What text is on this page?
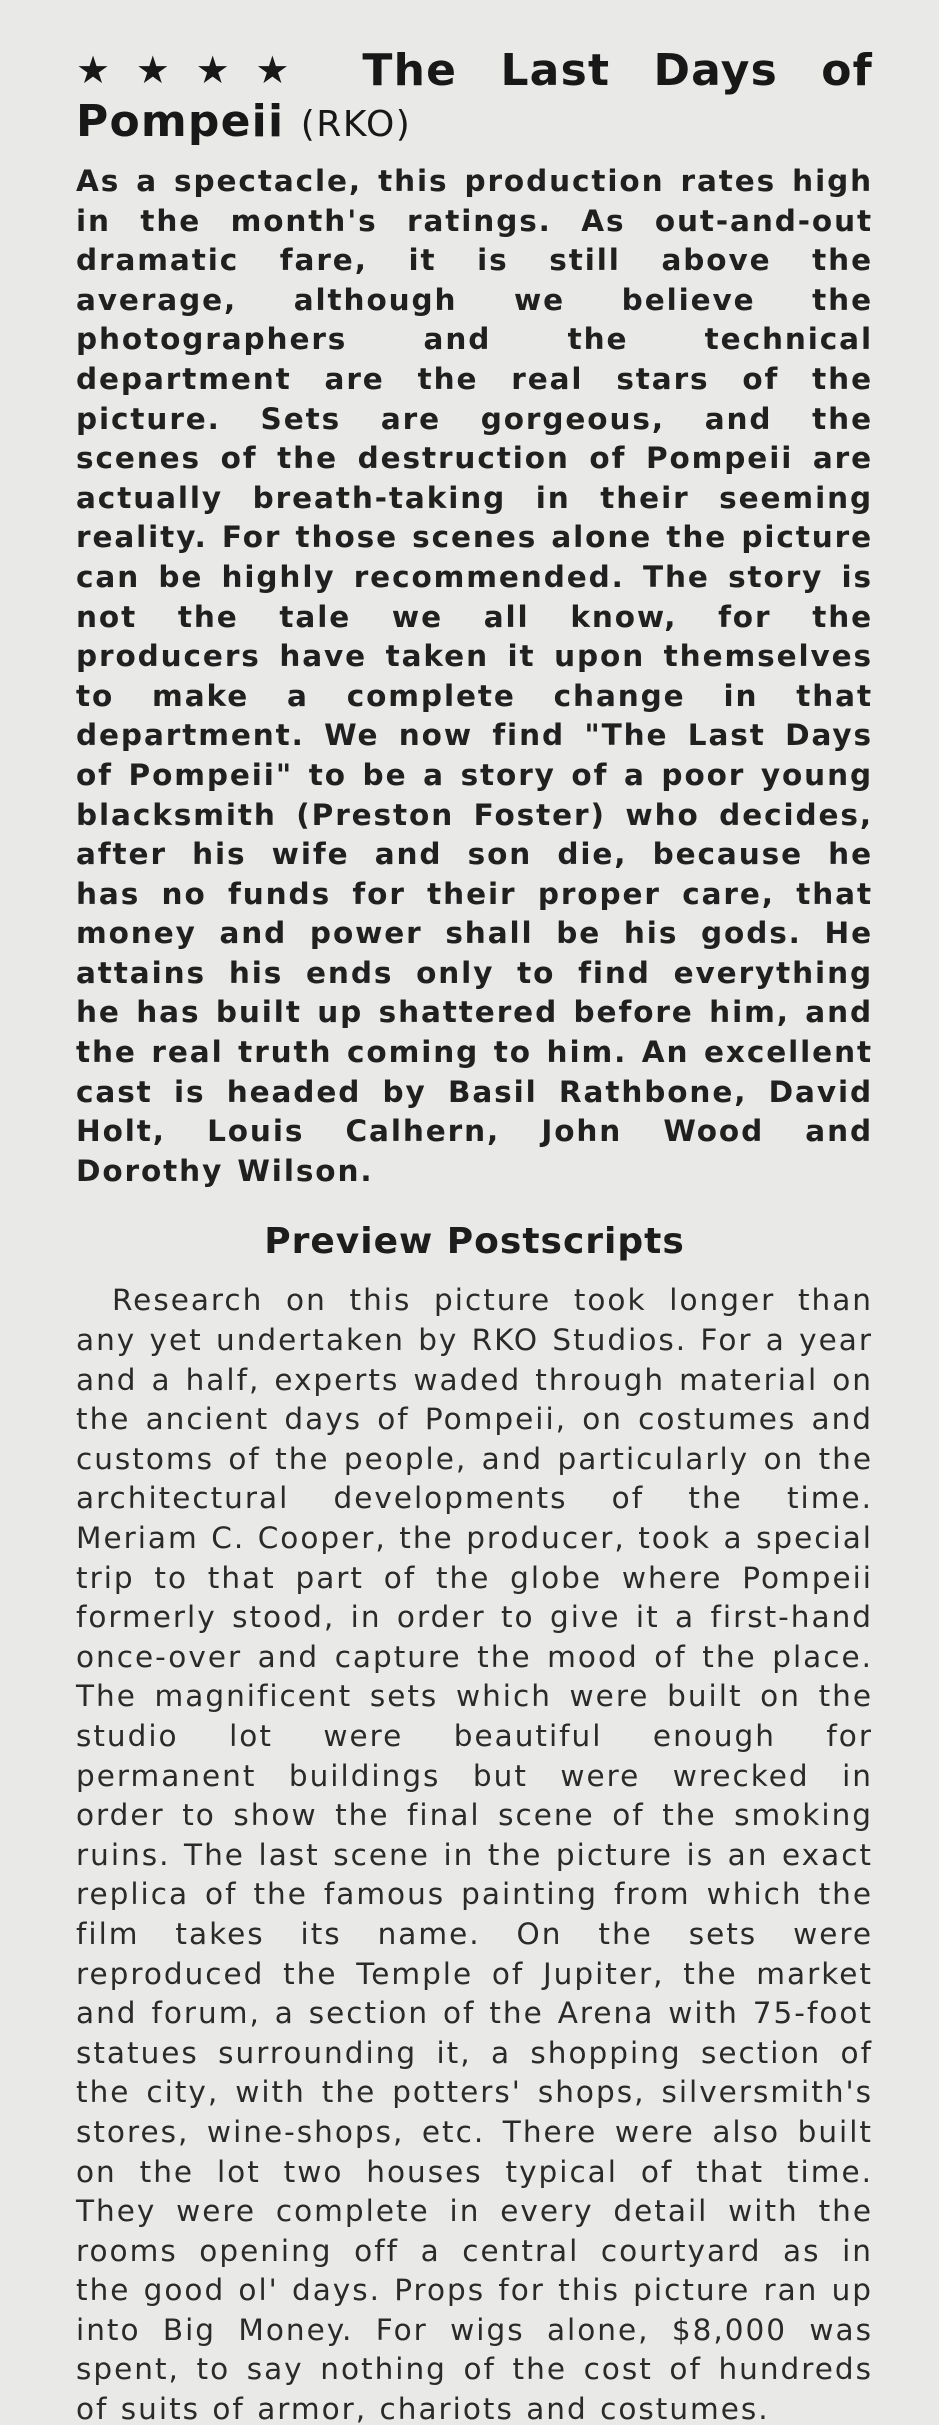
★★★★ The Last Days of Pompeii (RKO)

As a spectacle, this production rates high in the month's ratings. As out-and-out dramatic fare, it is still above the average, although we believe the photographers and the technical department are the real stars of the picture. Sets are gorgeous, and the scenes of the destruction of Pompeii are actually breath-taking in their seeming reality. For those scenes alone the picture can be highly recommended. The story is not the tale we all know, for the producers have taken it upon themselves to make a complete change in that department. We now find "The Last Days of Pompeii" to be a story of a poor young blacksmith (Preston Foster) who decides, after his wife and son die, because he has no funds for their proper care, that money and power shall be his gods. He attains his ends only to find everything he has built up shattered before him, and the real truth coming to him. An excellent cast is headed by Basil Rathbone, David Holt, Louis Calhern, John Wood and Dorothy Wilson.

Preview Postscripts

Research on this picture took longer than any yet undertaken by RKO Studios. For a year and a half, experts waded through material on the ancient days of Pompeii, on costumes and customs of the people, and particularly on the architectural developments of the time. Meriam C. Cooper, the producer, took a special trip to that part of the globe where Pompeii formerly stood, in order to give it a first-hand once-over and capture the mood of the place. The magnificent sets which were built on the studio lot were beautiful enough for permanent buildings but were wrecked in order to show the final scene of the smoking ruins. The last scene in the picture is an exact replica of the famous painting from which the film takes its name. On the sets were reproduced the Temple of Jupiter, the market and forum, a section of the Arena with 75-foot statues surrounding it, a shopping section of the city, with the potters' shops, silversmith's stores, wine-shops, etc. There were also built on the lot two houses typical of that time. They were complete in every detail with the rooms opening off a central courtyard as in the good ol' days. Props for this picture ran up into Big Money. For wigs alone, $8,000 was spent, to say nothing of the cost of hundreds of suits of armor, chariots and costumes.
